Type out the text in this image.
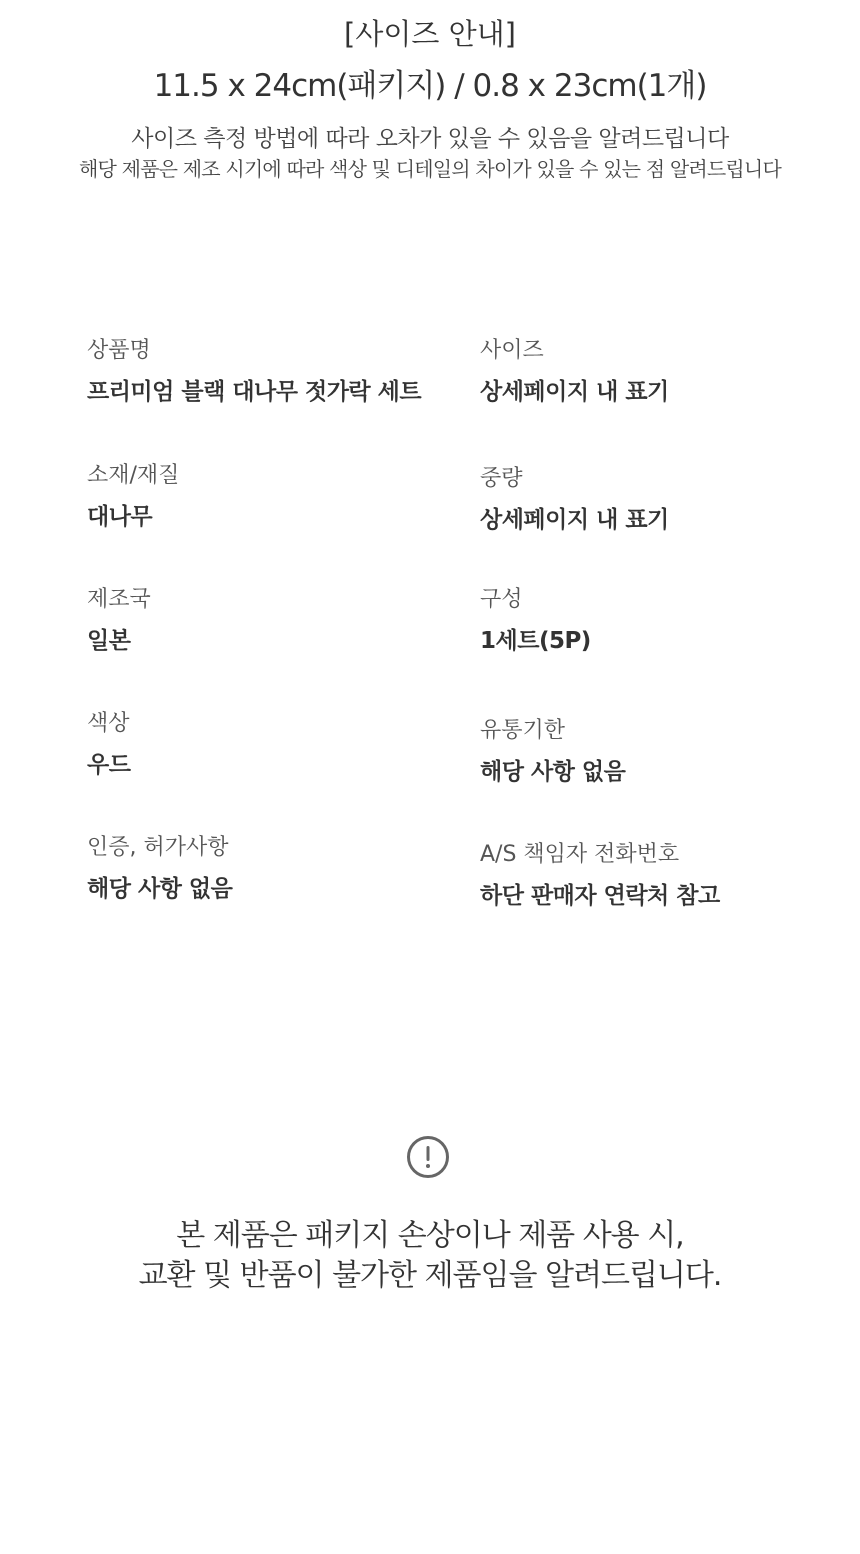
[사이즈 안내]
11.5 x 24cm(패키지) / 0.8 x 23cm(1개)
사이즈 측정 방법에 따라 오차가 있을 수 있음을 알려드립니다
해당 제품은 제조 시기에 따라 색상 및 디테일의 차이가 있을 수 있는 점 알려드립니다
상품명
프리미엄 블랙 대나무 젓가락 세트
사이즈
상세페이지 내 표기
소재/재질
대나무
중량
상세페이지 내 표기
제조국
일본
구성
1세트(5P)
색상
우드
유통기한
해당 사항 없음
인증, 허가사항
해당 사항 없음
A/S 책임자 전화번호
하단 판매자 연락처 참고
본 제품은 패키지 손상이나 제품 사용 시,
교환 및 반품이 불가한 제품임을 알려드립니다.
